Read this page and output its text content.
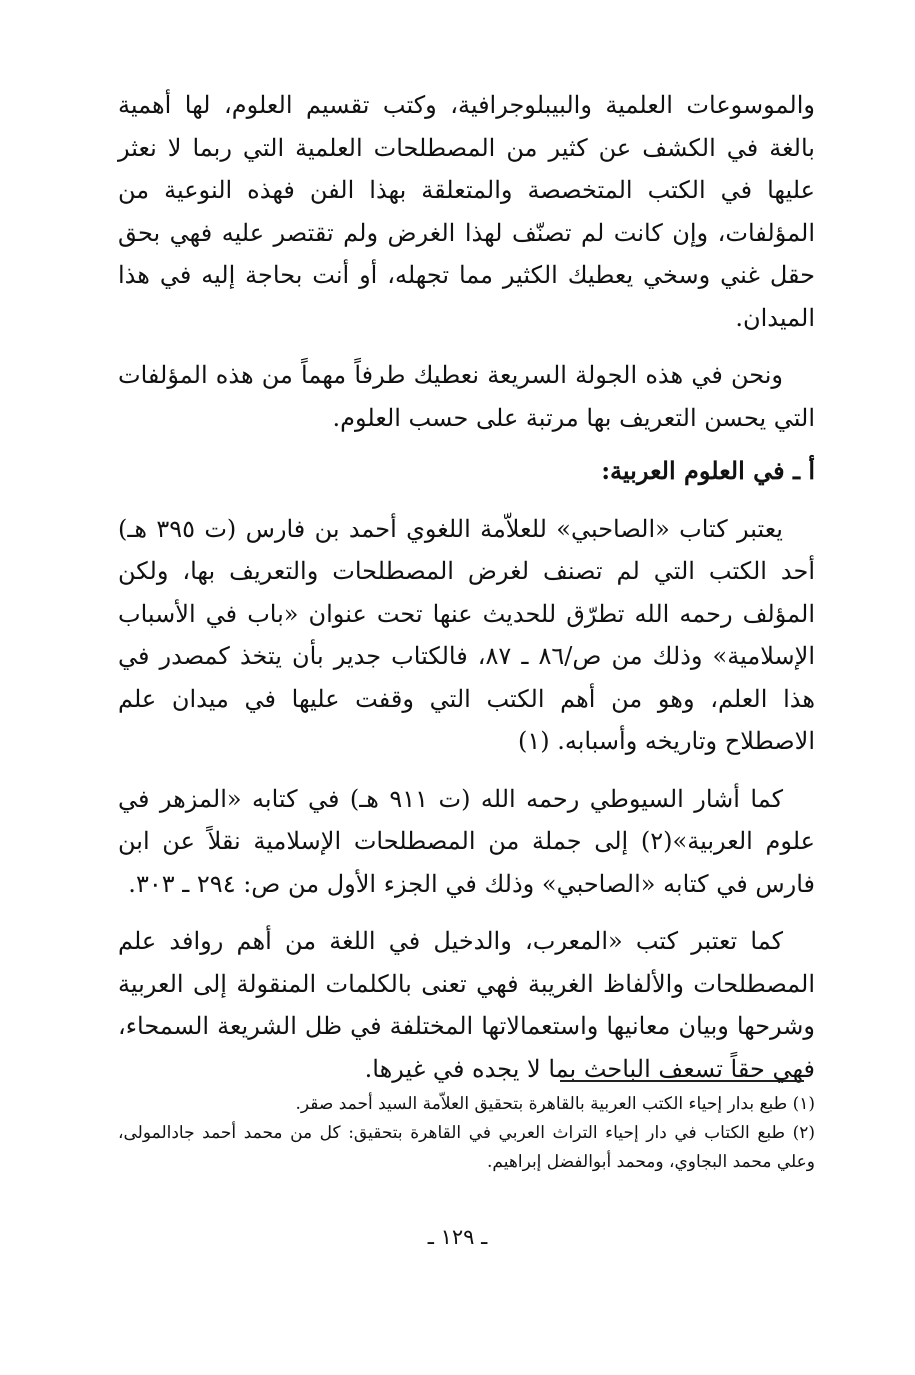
والموسوعات العلمية والبيبلوجرافية، وكتب تقسيم العلوم، لها أهمية بالغة في الكشف عن كثير من المصطلحات العلمية التي ربما لا نعثر عليها في الكتب المتخصصة والمتعلقة بهذا الفن فهذه النوعية من المؤلفات، وإن كانت لم تصنّف لهذا الغرض ولم تقتصر عليه فهي بحق حقل غني وسخي يعطيك الكثير مما تجهله، أو أنت بحاجة إليه في هذا الميدان.

ونحن في هذه الجولة السريعة نعطيك طرفاً مهماً من هذه المؤلفات التي يحسن التعريف بها مرتبة على حسب العلوم.

أ ـ في العلوم العربية:

يعتبر كتاب «الصاحبي» للعلاّمة اللغوي أحمد بن فارس (ت ٣٩٥ هـ) أحد الكتب التي لم تصنف لغرض المصطلحات والتعريف بها، ولكن المؤلف رحمه الله تطرّق للحديث عنها تحت عنوان «باب في الأسباب الإسلامية» وذلك من ص/٨٦ ـ ٨٧، فالكتاب جدير بأن يتخذ كمصدر في هذا العلم، وهو من أهم الكتب التي وقفت عليها في ميدان علم الاصطلاح وتاريخه وأسبابه. (١)

كما أشار السيوطي رحمه الله (ت ٩١١ هـ) في كتابه «المزهر في علوم العربية»(٢) إلى جملة من المصطلحات الإسلامية نقلاً عن ابن فارس في كتابه «الصاحبي» وذلك في الجزء الأول من ص: ٢٩٤ ـ ٣٠٣.

كما تعتبر كتب «المعرب، والدخيل في اللغة من أهم روافد علم المصطلحات والألفاظ الغريبة فهي تعنى بالكلمات المنقولة إلى العربية وشرحها وبيان معانيها واستعمالاتها المختلفة في ظل الشريعة السمحاء، فهي حقاً تسعف الباحث بما لا يجده في غيرها.

(١) طبع بدار إحياء الكتب العربية بالقاهرة بتحقيق العلاّمة السيد أحمد صقر.

(٢) طبع الكتاب في دار إحياء التراث العربي في القاهرة بتحقيق: كل من محمد أحمد جادالمولى، وعلي محمد البجاوي، ومحمد أبوالفضل إبراهيم.

ـ ١٢٩ ـ
